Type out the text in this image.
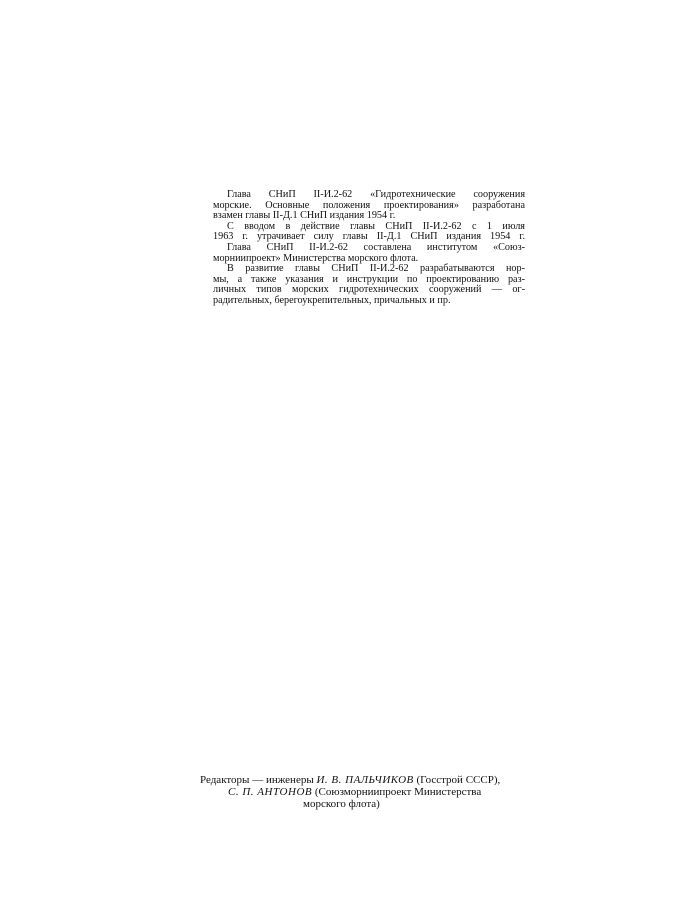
Глава СНиП II-И.2-62 «Гидротехнические сооружения
морские. Основные положения проектирования» разработана
взамен главы II-Д.1 СНиП издания 1954 г.
С вводом в действие главы СНиП II-И.2-62 с 1 июля
1963 г. утрачивает силу главы II-Д.1 СНиП издания 1954 г.
Глава СНиП II-И.2-62 составлена институтом «Союз-
морниипроект» Министерства морского флота.
В развитие главы СНиП II-И.2-62 разрабатываются нор-
мы, а также указания и инструкции по проектированию раз-
личных типов морских гидротехнических сооружений — ог-
радительных, берегоукрепительных, причальных и пр.
Редакторы — инженеры И. В. ПАЛЬЧИКОВ (Госстрой СССР),
С. П. АНТОНОВ (Союзморниипроект Министерства
морского флота)
